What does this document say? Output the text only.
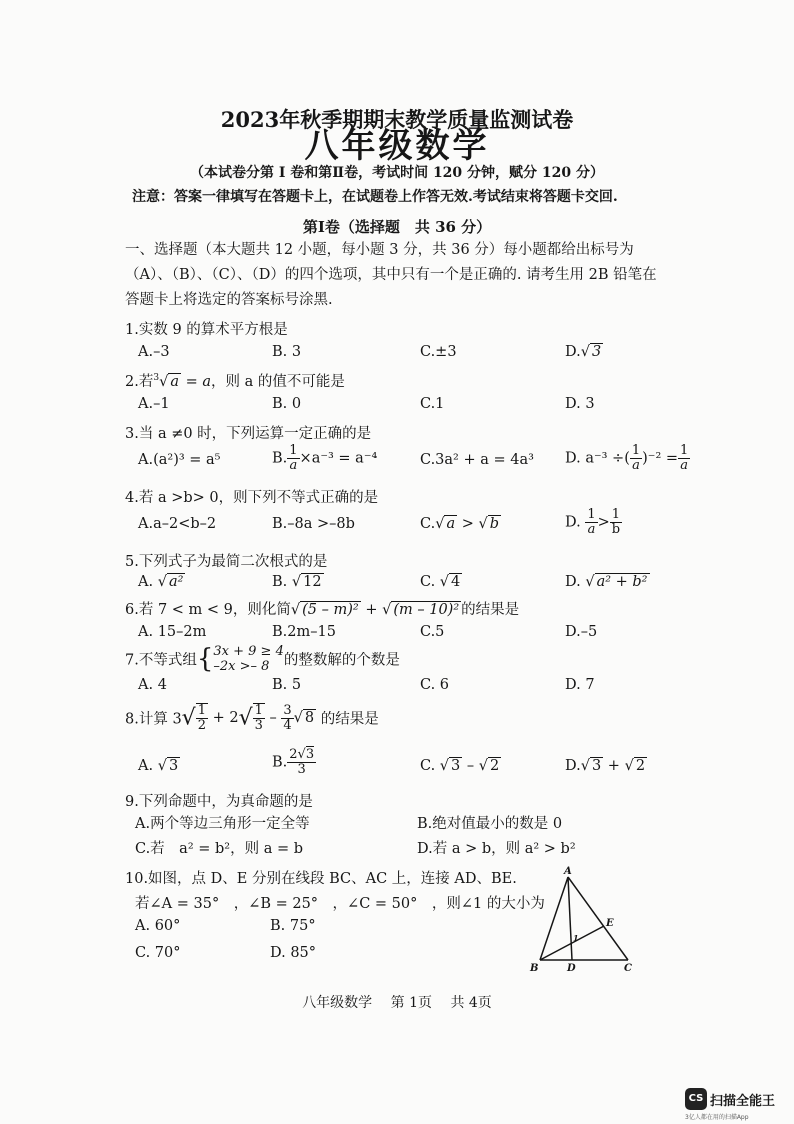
2023年秋季期期末教学质量监测试卷
八年级数学
（本试卷分第 I 卷和第Ⅱ卷，考试时间 120 分钟，赋分 120 分）
注意：答案一律填写在答题卡上，在试题卷上作答无效.考试结束将答题卡交回.
第Ⅰ卷（选择题　共 36 分）
一、选择题（本大题共 12 小题，每小题 3 分，共 36 分）每小题都给出标号为（A）、（B）、（C）、（D）的四个选项，其中只有一个是正确的. 请考生用 2B 铅笔在答题卡上将选定的答案标号涂黑.
1.实数 9 的算术平方根是
A.–3	B. 3	C.±3	D.√ 3
2.若$^3$√ a = a，则 a 的值不可能是
A.–1	B. 0	C.1	D. 3
3.当 a ≠0 时，下列运算一定正确的是
A.(a²)³ = a⁵	B. $\frac{1}{a} \times a^{-3} = a^{-4}$	C.3a² + a = 4a³ D. a⁻³ ÷( $\frac{1}{a} )^{-2} = \frac{1}{a}$
4.若 a >b> 0，则下列不等式正确的是
A.a–2<b–2	B.–8a >–8b	C.√ a > √ b	D. $\frac{1}{a} > \frac{1}{b}$
5.下列式子为最简二次根式的是
A. √ a²	B. √ 12	C. √ 4	D. √ a² + b²
6.若 7 < m < 9，则化简√ (5 – m)² + √ (m – 10)² 的结果是
A. 15–2m	B.2m–15	C.5	D.–5
7.不等式组{ 3x + 9 ≥ 4
–2x >– 8 的整数解的个数是
A. 4	B. 5	C. 6	D. 7
8.计算 $3√ \frac{1}{2} + 2√ \frac{1}{3} - \frac{3}{4}$ √ 8 的结果是
A. √ 3	B. $\frac{2√3}{3}$	C. √ 3 – √ 2	D.√ 3 + √ 2
9.下列命题中，为真命题的是
A.两个等边三角形一定全等	B.绝对值最小的数是 0
C.若　a² = b²，则 a = b	D.若 a > b，则 a² > b²
10.如图，点 D、E 分别在线段 BC、AC 上，连接 AD、BE.
若∠A = 35°　，∠B = 25°　，∠C = 50°　，则∠1 的大小为
A. 60°	B. 75°
C. 70°	D. 85°
A
B	C
D
E
1
八年级数学　 第 1页　 共 4页
CS 扫描全能王
3亿人都在用的扫描App
